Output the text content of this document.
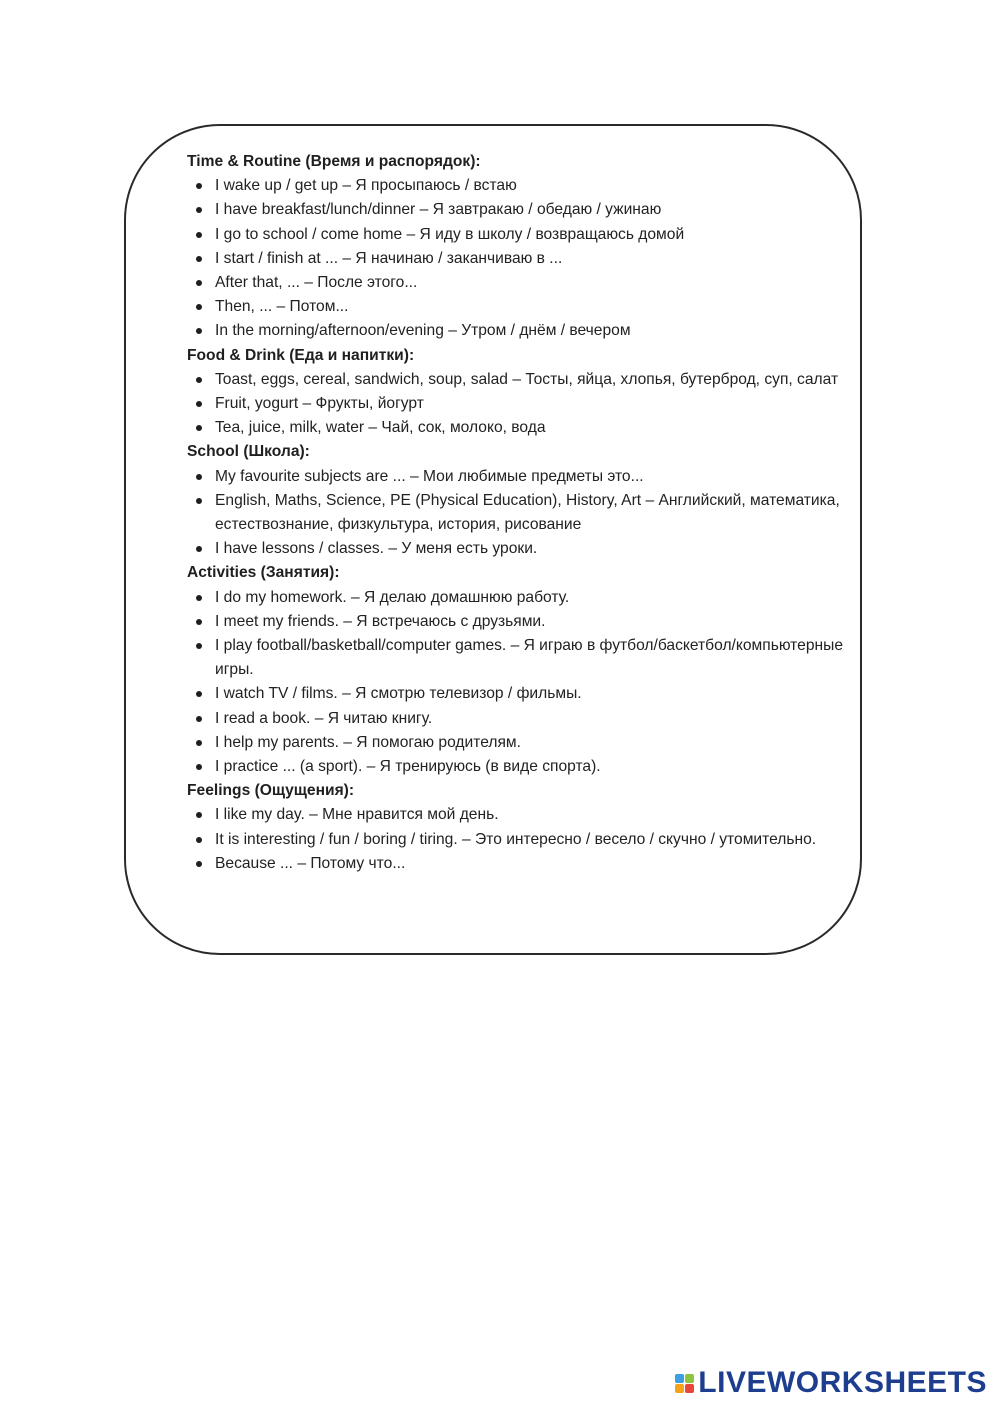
Time & Routine (Время и распорядок):
I wake up / get up – Я просыпаюсь / встаю
I have breakfast/lunch/dinner – Я завтракаю / обедаю / ужинаю
I go to school / come home – Я иду в школу / возвращаюсь домой
I start / finish at ... – Я начинаю / заканчиваю в ...
After that, ... – После этого...
Then, ... – Потом...
In the morning/afternoon/evening – Утром / днём / вечером
Food & Drink (Еда и напитки):
Toast, eggs, cereal, sandwich, soup, salad – Тосты, яйца, хлопья, бутерброд, суп, салат
Fruit, yogurt – Фрукты, йогурт
Tea, juice, milk, water – Чай, сок, молоко, вода
School (Школа):
My favourite subjects are ... – Мои любимые предметы это...
English, Maths, Science, PE (Physical Education), History, Art – Английский, математика, естествознание, физкультура, история, рисование
I have lessons / classes. – У меня есть уроки.
Activities (Занятия):
I do my homework. – Я делаю домашнюю работу.
I meet my friends. – Я встречаюсь с друзьями.
I play football/basketball/computer games. – Я играю в футбол/баскетбол/компьютерные игры.
I watch TV / films. – Я смотрю телевизор / фильмы.
I read a book. – Я читаю книгу.
I help my parents. – Я помогаю родителям.
I practice ... (a sport). – Я тренируюсь (в виде спорта).
Feelings (Ощущения):
I like my day. – Мне нравится мой день.
It is interesting / fun / boring / tiring. – Это интересно / весело / скучно / утомительно.
Because ... – Потому что...
LIVEWORKSHEETS
